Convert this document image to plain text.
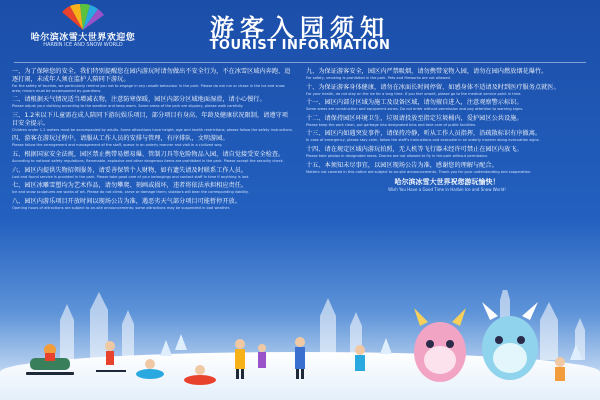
哈尔滨冰雪大世界欢迎您
HARBIN ICE AND SNOW WORLD
游客入园须知
TOURIST INFORMATION
一、为了保障您的安全，我们特别提醒您在园内游玩时请勿做出不安全行为，不在冰雪区域内奔跑、追逐打闹，未成年人须在监护人陪同下游玩。
For the safety of tourists, we particularly remind you not to engage in any unsafe behaviour in the park. Please do not run or chase in the ice and snow area; minors must be accompanied by guardians.
二、请根据天气情况适当增减衣物，注意防寒保暖，园区内部分区域地面湿滑，请小心慢行。
Please adjust your clothing according to the weather and keep warm. Some areas of the park are slippery, please walk carefully.
三、1.2米以下儿童需在成人陪同下游玩娱乐项目，部分项目有身高、年龄及健康状况限制，请遵守项目安全提示。
Children under 1.2 meters must be accompanied by adults. Some attractions have height, age and health restrictions; please follow the safety instructions.
四、游客在游玩过程中，请服从工作人员的安排与管理，有序排队，文明游园。
Please follow the arrangement and management of the staff, queue in an orderly manner and visit in a civilized way.
五、根据国家安全法规，园区禁止携带易燃易爆、管制刀具等危险物品入园，请自觉接受安全检查。
According to national safety regulations, flammable, explosive and other dangerous items are prohibited in the park. Please accept the security check.
六、园区内提供失物招领服务，请妥善保管个人财物，如有遗失请及时联系工作人员。
Lost and found service is provided in the park. Please take good care of your belongings and contact staff in time if anything is lost.
七、园区冰雕雪塑均为艺术作品，请勿攀爬、刻画或损坏，违者将依法承担相应责任。
Ice and snow sculptures are works of art. Please do not climb, carve or damage them; violators will bear the corresponding liability.
八、园区内游乐项目开放时间以现场公告为准，遇恶劣天气部分项目可能暂停开放。
Opening hours of attractions are subject to on-site announcements; some attractions may be suspended in bad weather.
九、为保证游客安全，园区内严禁吸烟，请勿携带宠物入园，请勿在园内燃放烟花爆竹。
For safety, smoking is prohibited in the park. Pets and fireworks are not allowed.
十、为保证游客身体健康，请勿在冰面长时间停留，如感身体不适请及时到医疗服务点就医。
For your health, do not stay on the ice for a long time. If you feel unwell, please go to the medical service point in time.
十一、园区内部分区域为施工及设备区域，请勿擅自进入，注意观察警示标识。
Some areas are construction and equipment zones. Do not enter without permission and pay attention to warning signs.
十二、请保持园区环境卫生，垃圾请投放至指定垃圾桶内，爱护园区公共设施。
Please keep the park clean, put garbage into designated bins and take care of public facilities.
十三、园区内如遇突发事件，请保持冷静，听从工作人员指挥，沿疏散标识有序撤离。
In case of emergency, please stay calm, follow the staff's instructions and evacuate in an orderly manner along evacuation signs.
十四、请在规定区域内游玩拍照，无人机等飞行器未经许可禁止在园区内放飞。
Please take photos in designated areas. Drones are not allowed to fly in the park without permission.
十五、本须知未尽事宜，以园区现场公告为准，感谢您的理解与配合。
Matters not covered in this notice are subject to on-site announcements. Thank you for your understanding and cooperation.
哈尔滨冰雪大世界祝您游玩愉快！
Wish You Have a Good Time in Harbin Ice and Snow World!
